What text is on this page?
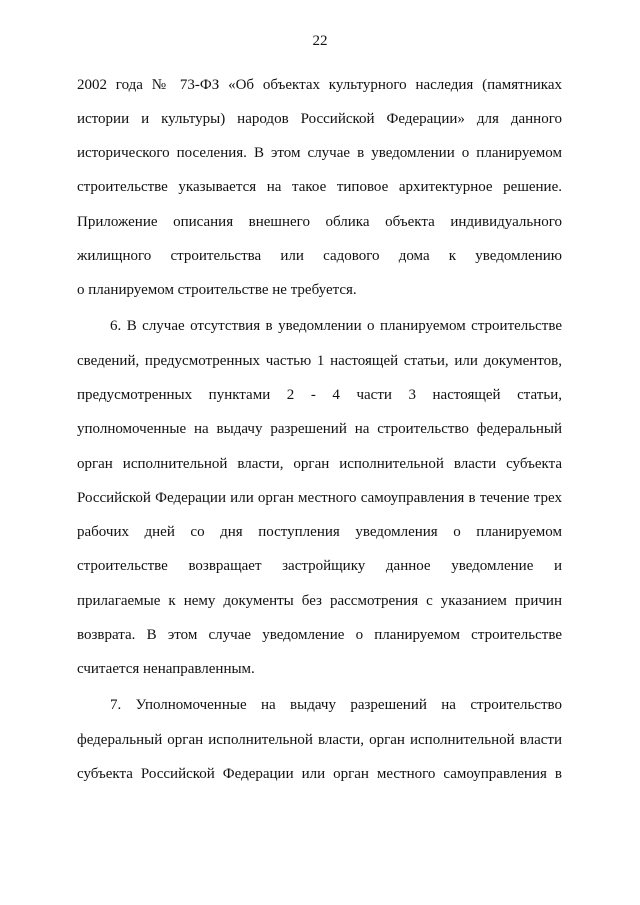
22
2002 года № 73-ФЗ «Об объектах культурного наследия (памятниках
истории и культуры) народов Российской Федерации» для данного
исторического поселения. В этом случае в уведомлении о планируемом
строительстве указывается на такое типовое архитектурное решение.
Приложение описания внешнего облика объекта индивидуального
жилищного строительства или садового дома к уведомлению
о планируемом строительстве не требуется.
6. В случае отсутствия в уведомлении о планируемом строительстве
сведений, предусмотренных частью 1 настоящей статьи, или документов,
предусмотренных пунктами 2 - 4 части 3 настоящей статьи,
уполномоченные на выдачу разрешений на строительство федеральный
орган исполнительной власти, орган исполнительной власти субъекта
Российской Федерации или орган местного самоуправления в течение трех
рабочих дней со дня поступления уведомления о планируемом
строительстве возвращает застройщику данное уведомление и
прилагаемые к нему документы без рассмотрения с указанием причин
возврата. В этом случае уведомление о планируемом строительстве
считается ненаправленным.
7. Уполномоченные на выдачу разрешений на строительство
федеральный орган исполнительной власти, орган исполнительной власти
субъекта Российской Федерации или орган местного самоуправления в
